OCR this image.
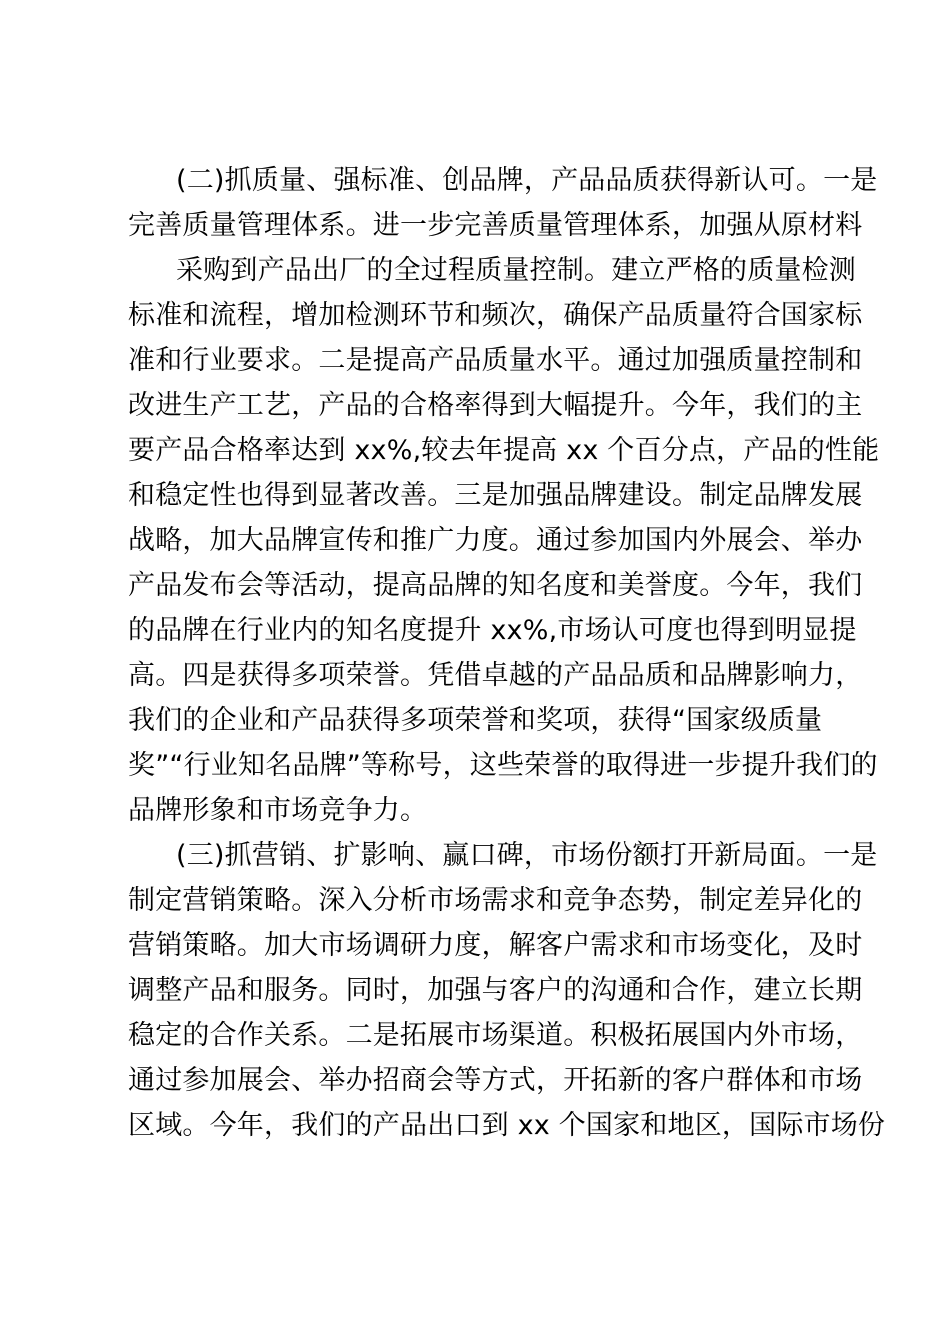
(二)抓质量、强标准、创品牌，产品品质获得新认可。一是
完善质量管理体系。进一步完善质量管理体系，加强从原材料
采购到产品出厂的全过程质量控制。建立严格的质量检测
标准和流程，增加检测环节和频次，确保产品质量符合国家标
准和行业要求。二是提高产品质量水平。通过加强质量控制和
改进生产工艺，产品的合格率得到大幅提升。今年，我们的主
要产品合格率达到 xx%,较去年提高 xx 个百分点，产品的性能
和稳定性也得到显著改善。三是加强品牌建设。制定品牌发展
战略，加大品牌宣传和推广力度。通过参加国内外展会、举办
产品发布会等活动，提高品牌的知名度和美誉度。今年，我们
的品牌在行业内的知名度提升 xx%,市场认可度也得到明显提
高。四是获得多项荣誉。凭借卓越的产品品质和品牌影响力，
我们的企业和产品获得多项荣誉和奖项，获得“国家级质量
奖”“行业知名品牌”等称号，这些荣誉的取得进一步提升我们的
品牌形象和市场竞争力。
(三)抓营销、扩影响、赢口碑，市场份额打开新局面。一是
制定营销策略。深入分析市场需求和竞争态势，制定差异化的
营销策略。加大市场调研力度，解客户需求和市场变化，及时
调整产品和服务。同时，加强与客户的沟通和合作，建立长期
稳定的合作关系。二是拓展市场渠道。积极拓展国内外市场，
通过参加展会、举办招商会等方式，开拓新的客户群体和市场
区域。今年，我们的产品出口到 xx 个国家和地区，国际市场份
